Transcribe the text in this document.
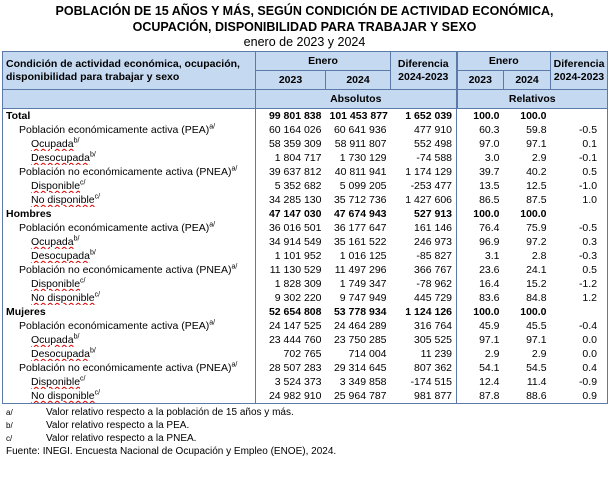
POBLACIÓN DE 15 AÑOS Y MÁS, SEGÚN CONDICIÓN DE ACTIVIDAD ECONÓMICA,
OCUPACIÓN, DISPONIBILIDAD PARA TRABAJAR Y SEXO
enero de 2023 y 2024
Condición de actividad económica, ocupación, disponibilidad para trabajar y sexo	Enero		Diferencia 2024-2023	Enero		Diferencia 2024-2023
	2023	2024		2023	2024	
	Absolutos			Relativos		
Total	99 801 838	101 453 877	1 652 039	100.0	100.0	
Población económicamente activa (PEA)$^{a/}$	60 164 026	60 641 936	477 910	60.3	59.8	-0.5
Ocupada$^{b/}$	58 359 309	58 911 807	552 498	97.0	97.1	0.1
Desocupada$^{b/}$	1 804 717	1 730 129	-74 588	3.0	2.9	-0.1
Población no económicamente activa (PNEA)$^{a/}$	39 637 812	40 811 941	1 174 129	39.7	40.2	0.5
Disponible$^{c/}$	5 352 682	5 099 205	-253 477	13.5	12.5	-1.0
No disponible$^{c/}$	34 285 130	35 712 736	1 427 606	86.5	87.5	1.0
Hombres	47 147 030	47 674 943	527 913	100.0	100.0	
Población económicamente activa (PEA)$^{a/}$	36 016 501	36 177 647	161 146	76.4	75.9	-0.5
Ocupada$^{b/}$	34 914 549	35 161 522	246 973	96.9	97.2	0.3
Desocupada$^{b/}$	1 101 952	1 016 125	-85 827	3.1	2.8	-0.3
Población no económicamente activa (PNEA)$^{a/}$	11 130 529	11 497 296	366 767	23.6	24.1	0.5
Disponible$^{c/}$	1 828 309	1 749 347	-78 962	16.4	15.2	-1.2
No disponible$^{c/}$	9 302 220	9 747 949	445 729	83.6	84.8	1.2
Mujeres	52 654 808	53 778 934	1 124 126	100.0	100.0	
Población económicamente activa (PEA)$^{a/}$	24 147 525	24 464 289	316 764	45.9	45.5	-0.4
Ocupada$^{b/}$	23 444 760	23 750 285	305 525	97.1	97.1	0.0
Desocupada$^{b/}$	702 765	714 004	11 239	2.9	2.9	0.0
Población no económicamente activa (PNEA)$^{a/}$	28 507 283	29 314 645	807 362	54.1	54.5	0.4
Disponible$^{c/}$	3 524 373	3 349 858	-174 515	12.4	11.4	-0.9
No disponible$^{c/}$	24 982 910	25 964 787	981 877	87.8	88.6	0.9
a/	Valor relativo respecto a la población de 15 años y más.
b/	Valor relativo respecto a la PEA.
c/	Valor relativo respecto a la PNEA.
Fuente: INEGI. Encuesta Nacional de Ocupación y Empleo (ENOE), 2024.
